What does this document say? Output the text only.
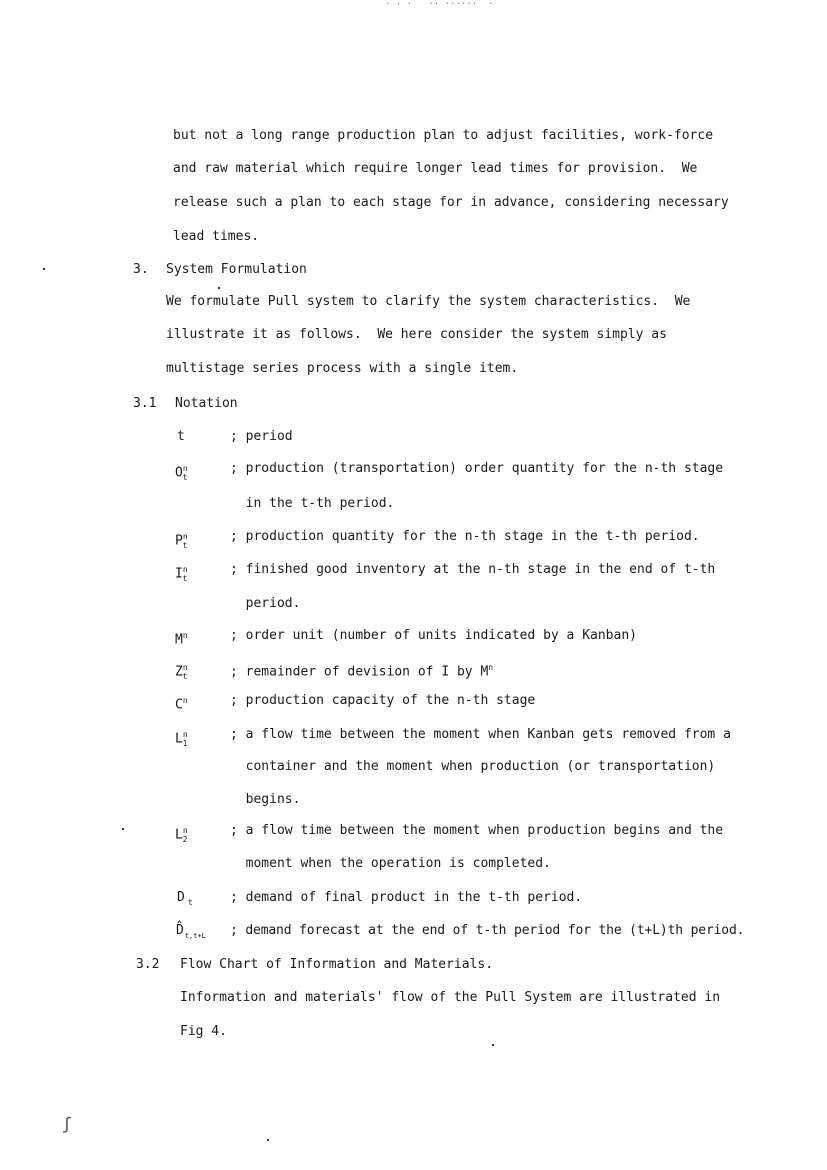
. . .   .. ......  .
but not a long range production plan to adjust facilities, work-force
and raw material which require longer lead times for provision.  We
release such a plan to each stage for in advance, considering necessary
lead times.
3. System Formulation
We formulate Pull system to clarify the system characteristics.  We
illustrate it as follows.  We here consider the system simply as
multistage series process with a single item.
3.1 Notation
t	; period
$O^n_t$
; production (transportation) order quantity for the n-th stage
in the t-th period.
$P^n_t$
; production quantity for the n-th stage in the t-th period.
$I^n_t$
; finished good inventory at the n-th stage in the end of t-th
period.
$M^n$	; order unit (number of units indicated by a Kanban)
$Z^n_t$	; remainder of devision of I by $M^n$
$C^n$	; production capacity of the n-th stage
$L^n_1$
; a flow time between the moment when Kanban gets removed from a
container and the moment when production (or transportation)
begins.
$L^n_2$
; a flow time between the moment when production begins and the
moment when the operation is completed.
D $_t$	; demand of final product in the t-th period.
$D̂_{t,t+L}$ ; demand forecast at the end of t-th period for the (t+L)th period.
3.2 Flow Chart of Information and Materials.
Information and materials' flow of the Pull System are illustrated in
Fig 4.
ʃ
